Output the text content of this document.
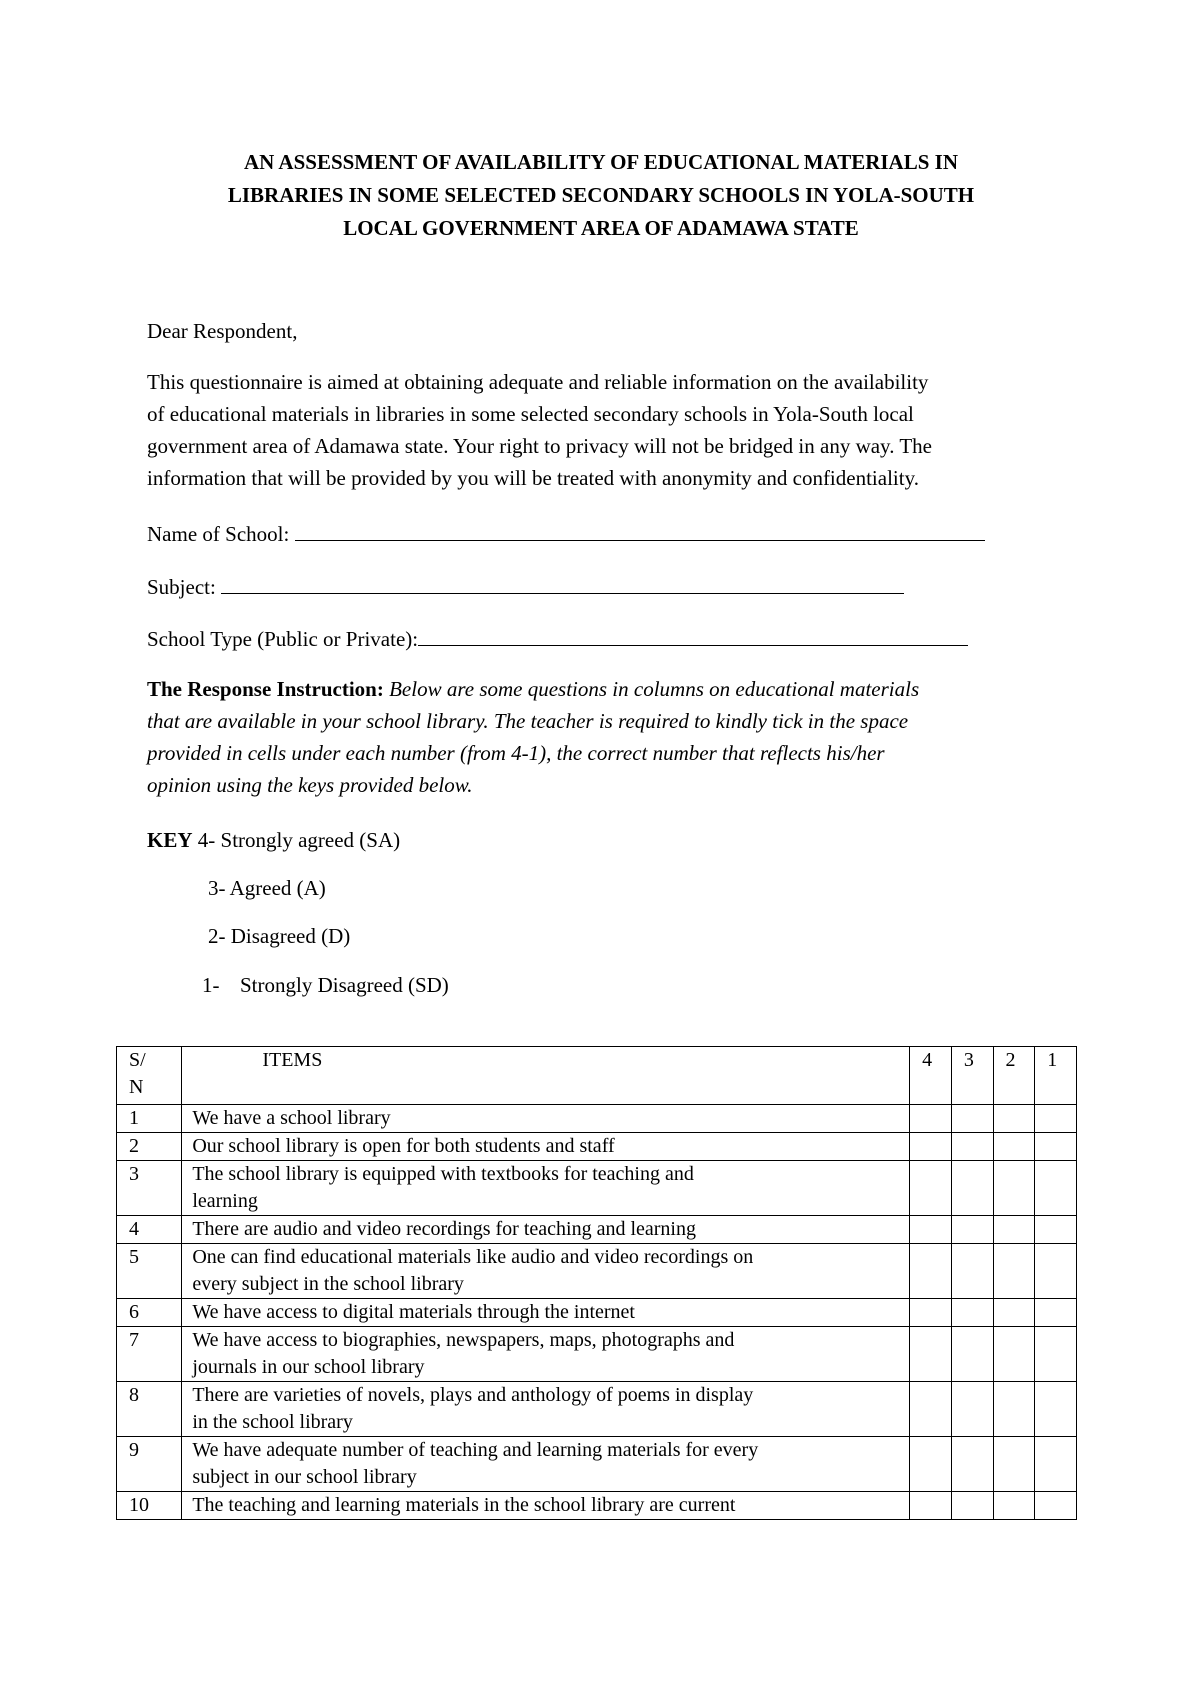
AN ASSESSMENT OF AVAILABILITY OF EDUCATIONAL MATERIALS IN
LIBRARIES IN SOME SELECTED SECONDARY SCHOOLS IN YOLA-SOUTH
LOCAL GOVERNMENT AREA OF ADAMAWA STATE
Dear Respondent,
This questionnaire is aimed at obtaining adequate and reliable information on the availability
of educational materials in libraries in some selected secondary schools in Yola-South local
government area of Adamawa state. Your right to privacy will not be bridged in any way. The
information that will be provided by you will be treated with anonymity and confidentiality.
Name of School:
Subject:
School Type (Public or Private):
The Response Instruction: Below are some questions in columns on educational materials
that are available in your school library. The teacher is required to kindly tick in the space
provided in cells under each number (from 4-1), the correct number that reflects his/her
opinion using the keys provided below.
KEY 4- Strongly agreed (SA)
3- Agreed (A)
2- Disagreed (D)
1- Strongly Disagreed (SD)
S/
N	ITEMS	4	3	2	1
1	We have a school library				

2	Our school library is open for both students and staff				

3	The school library is equipped with textbooks for teaching and
learning				

4	There are audio and video recordings for teaching and learning				

5	One can find educational materials like audio and video recordings on
every subject in the school library				

6	We have access to digital materials through the internet				

7	We have access to biographies, newspapers, maps, photographs and
journals in our school library				

8	There are varieties of novels, plays and anthology of poems in display
in the school library				

9	We have adequate number of teaching and learning materials for every
subject in our school library				

10	The teaching and learning materials in the school library are current				
